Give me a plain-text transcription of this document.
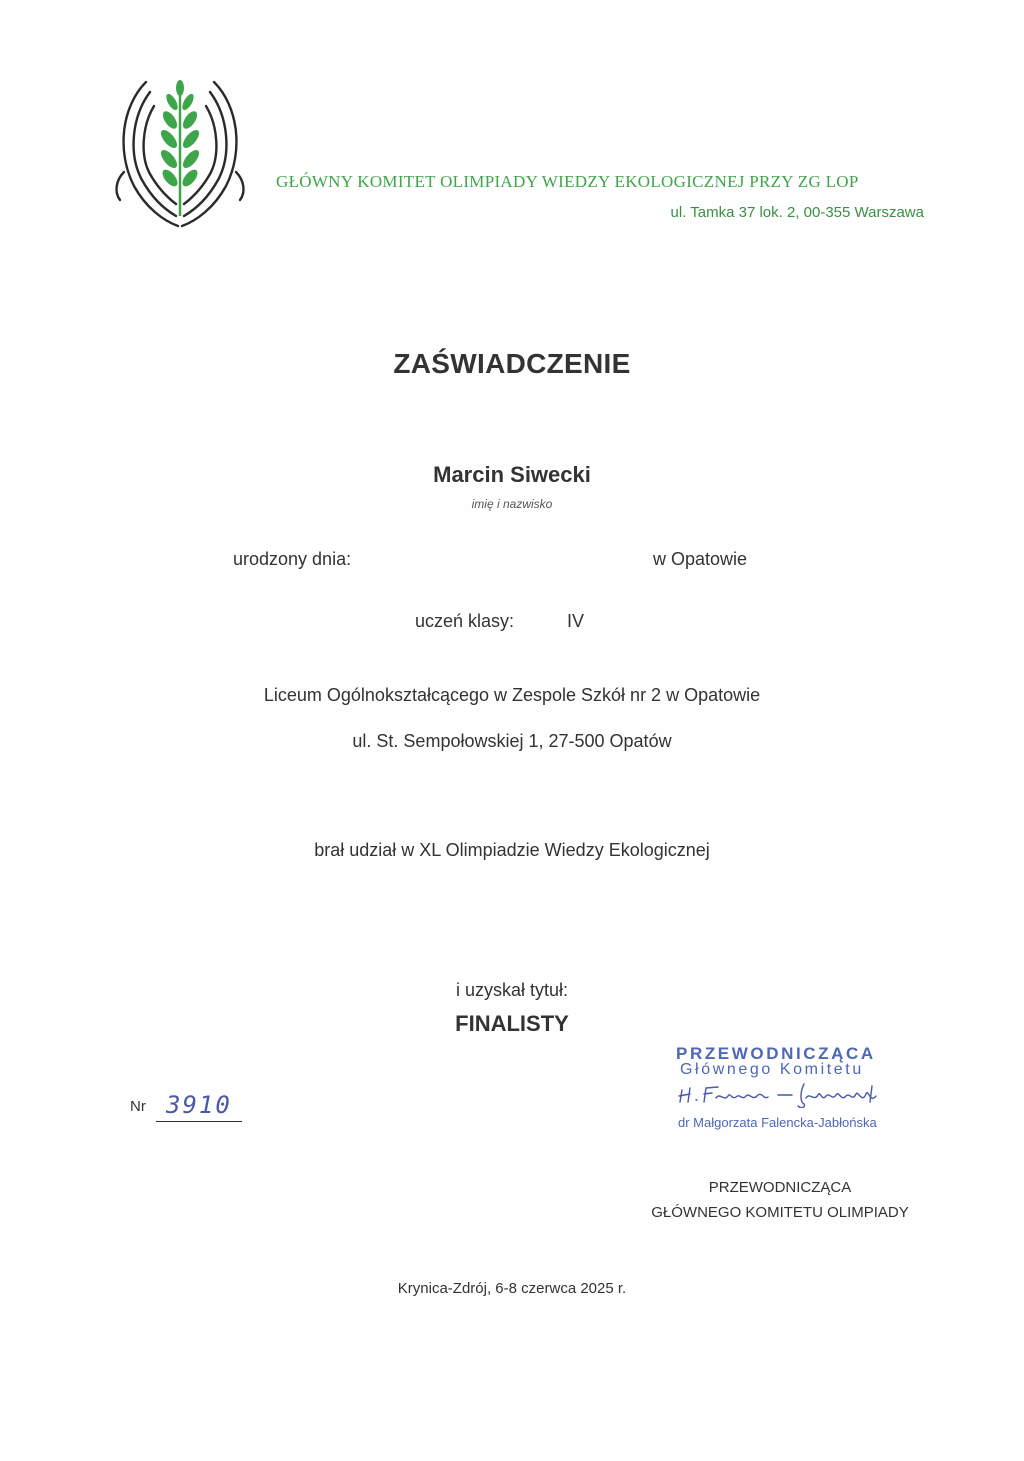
GŁÓWNY KOMITET OLIMPIADY WIEDZY EKOLOGICZNEJ PRZY ZG LOP
ul. Tamka 37 lok. 2, 00-355 Warszawa
ZAŚWIADCZENIE
Marcin Siwecki
imię i nazwisko
urodzony dnia:	w Opatowie
uczeń klasy:	IV
Liceum Ogólnokształcącego w Zespole Szkół nr 2 w Opatowie
ul. St. Sempołowskiej 1, 27-500 Opatów
brał udział w XL Olimpiadzie Wiedzy Ekologicznej
i uzyskał tytuł:
FINALISTY
Nr 3910
PRZEWODNICZĄCA
Głównego Komitetu
dr Małgorzata Falencka-Jabłońska
PRZEWODNICZĄCA
GŁÓWNEGO KOMITETU OLIMPIADY
Krynica-Zdrój, 6-8 czerwca 2025 r.
